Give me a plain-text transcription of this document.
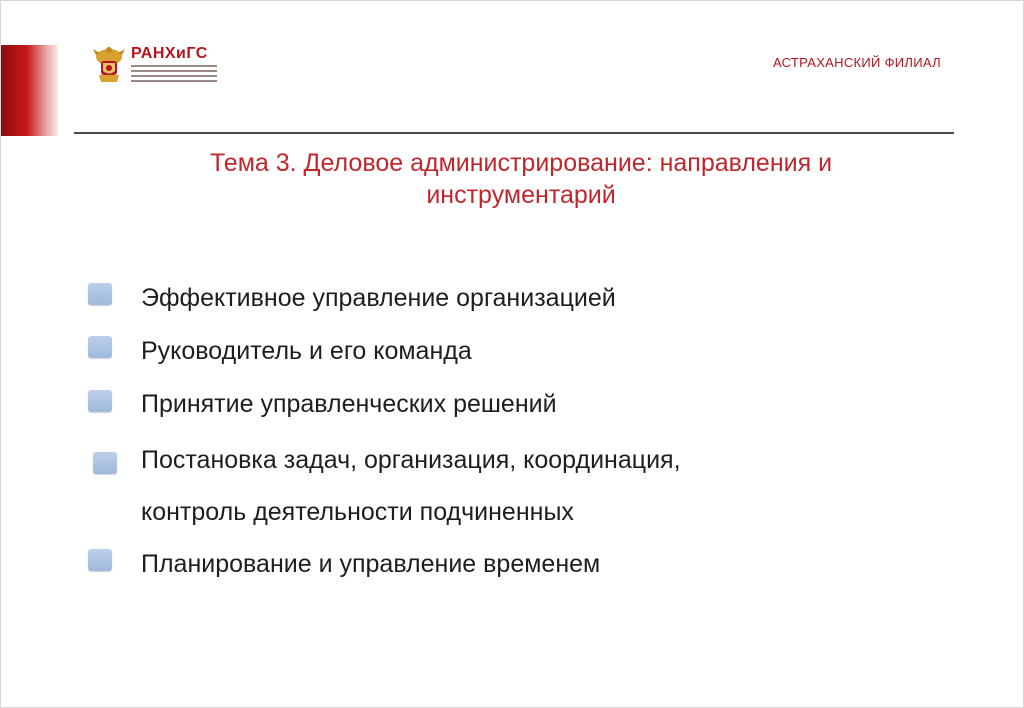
РАНХиГС
АСТРАХАНСКИЙ ФИЛИАЛ
Тема 3. Деловое администрирование: направления и
инструментарий
Эффективное управление организацией
Руководитель и его команда
Принятие управленческих решений
Постановка задач, организация, координация,
контроль деятельности подчиненных
Планирование и управление временем
